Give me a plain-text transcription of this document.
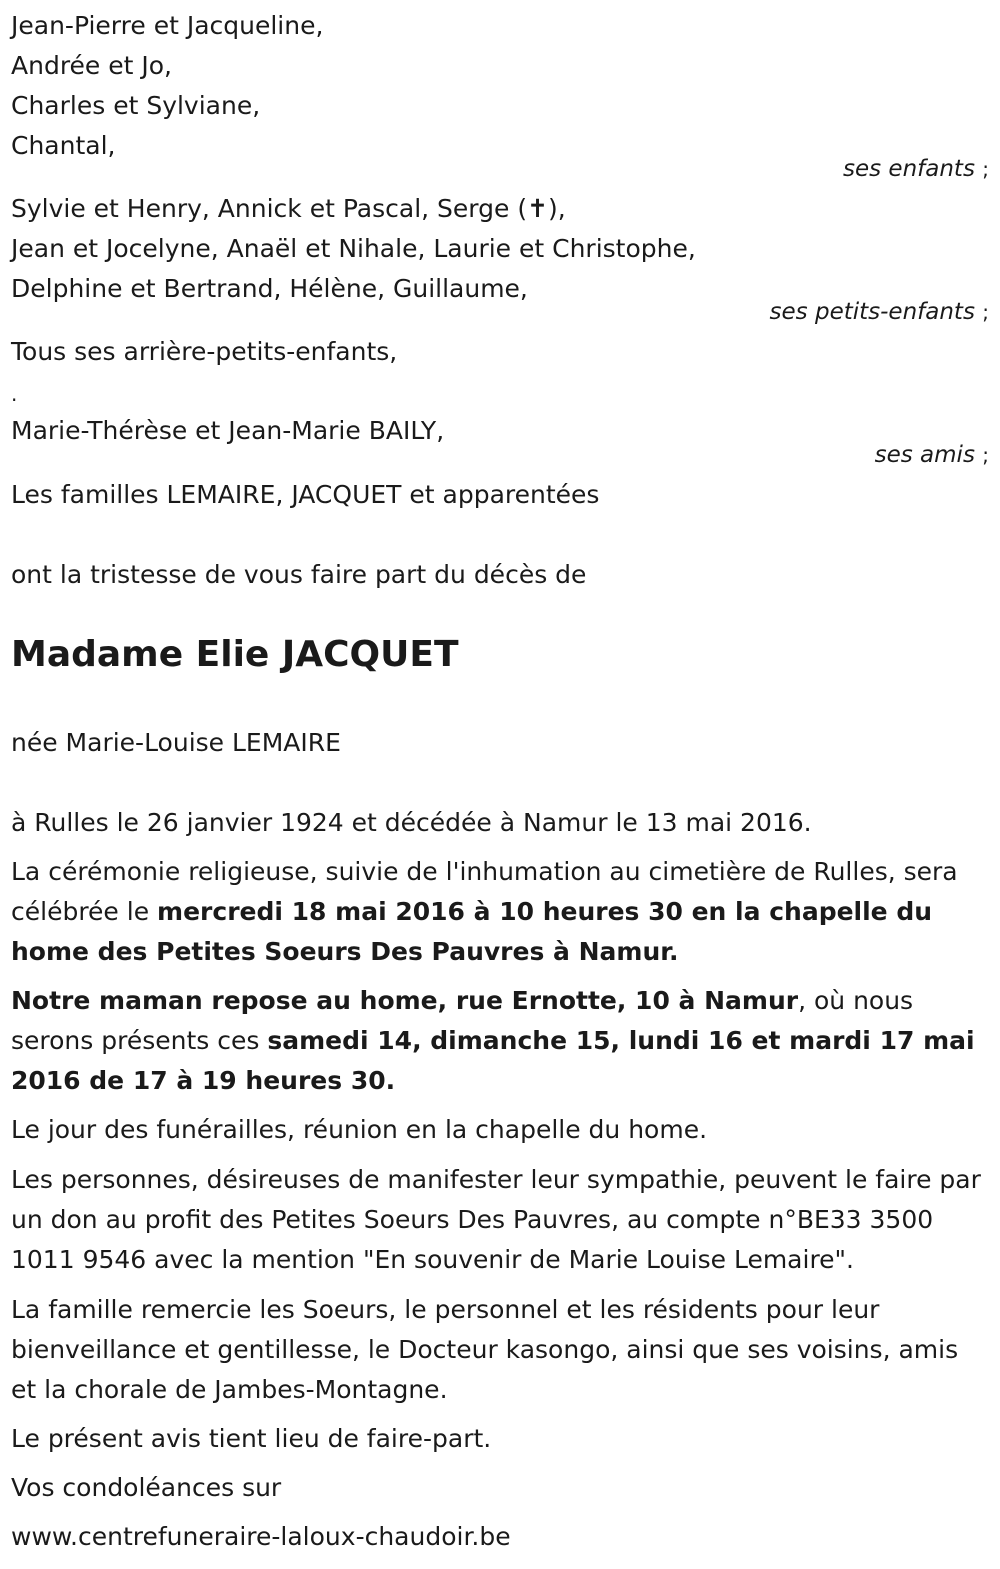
Jean-Pierre et Jacqueline,
Andrée et Jo,
Charles et Sylviane,
Chantal,
ses enfants ;
Sylvie et Henry, Annick et Pascal, Serge (✝),
Jean et Jocelyne, Anaël et Nihale, Laurie et Christophe,
Delphine et Bertrand, Hélène, Guillaume,
ses petits-enfants ;
Tous ses arrière-petits-enfants,
.
Marie-Thérèse et Jean-Marie BAILY,
ses amis ;
Les familles LEMAIRE, JACQUET et apparentées
ont la tristesse de vous faire part du décès de
Madame Elie JACQUET
née Marie-Louise LEMAIRE
à Rulles le 26 janvier 1924 et décédée à Namur le 13 mai 2016.
La cérémonie religieuse, suivie de l'inhumation au cimetière de Rulles, sera célébrée le mercredi 18 mai 2016 à 10 heures 30 en la chapelle du home des Petites Soeurs Des Pauvres à Namur.
Notre maman repose au home, rue Ernotte, 10 à Namur, où nous serons présents ces samedi 14, dimanche 15, lundi 16 et mardi 17 mai 2016 de 17 à 19 heures 30.
Le jour des funérailles, réunion en la chapelle du home.
Les personnes, désireuses de manifester leur sympathie, peuvent le faire par un don au profit des Petites Soeurs Des Pauvres, au compte n°BE33 3500 1011 9546 avec la mention "En souvenir de Marie Louise Lemaire".
La famille remercie les Soeurs, le personnel et les résidents pour leur bienveillance et gentillesse, le Docteur kasongo, ainsi que ses voisins, amis et la chorale de Jambes-Montagne.
Le présent avis tient lieu de faire-part.
Vos condoléances sur
www.centrefuneraire-laloux-chaudoir.be
